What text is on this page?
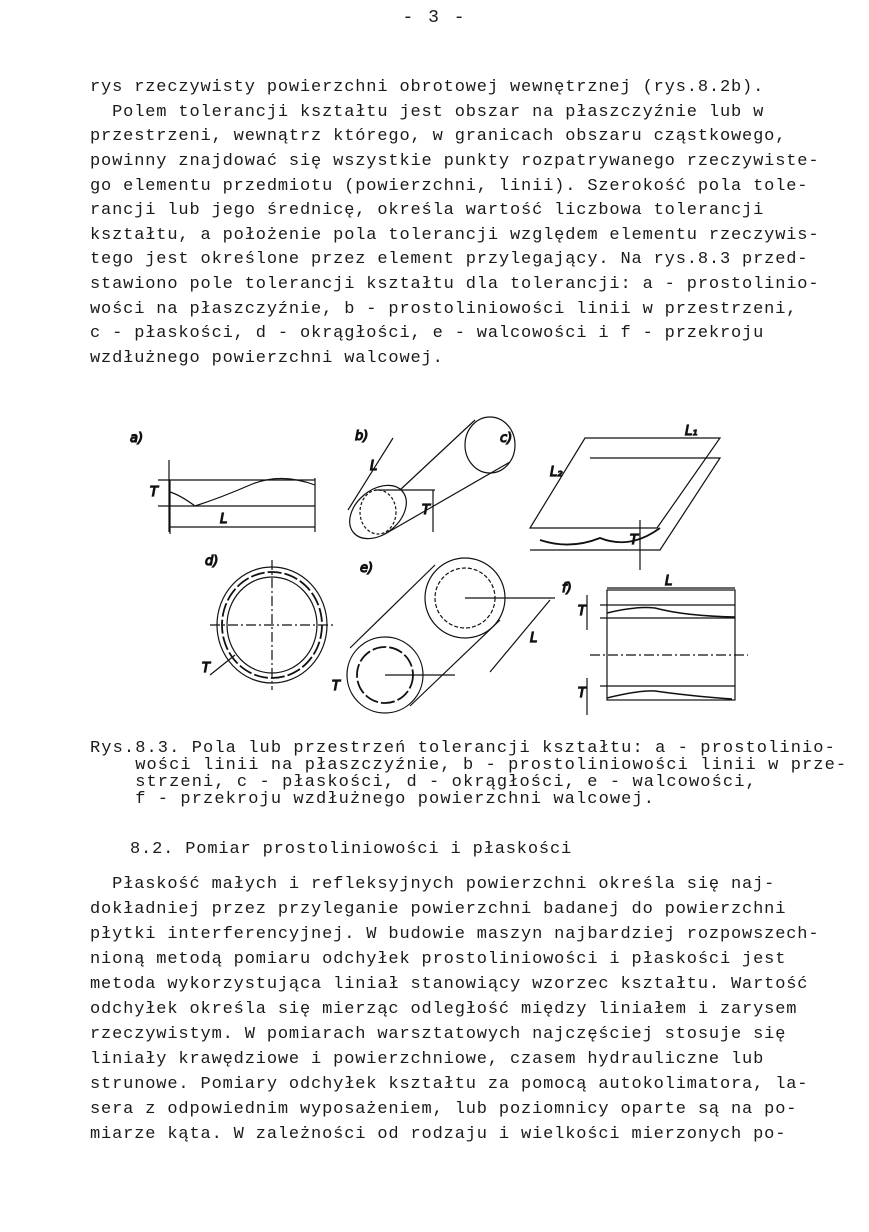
- 3 -
rys rzeczywisty powierzchni obrotowej wewnętrznej (rys.8.2b).
Polem tolerancji kształtu jest obszar na płaszczyźnie lub w
przestrzeni, wewnątrz którego, w granicach obszaru cząstkowego,
powinny znajdować się wszystkie punkty rozpatrywanego rzeczywiste-
go elementu przedmiotu (powierzchni, linii). Szerokość pola tole-
rancji lub jego średnicę, określa wartość liczbowa tolerancji
kształtu, a położenie pola tolerancji względem elementu rzeczywis-
tego jest określone przez element przylegający. Na rys.8.3 przed-
stawiono pole tolerancji kształtu dla tolerancji: a - prostolinio-
wości na płaszczyźnie, b - prostoliniowości linii w przestrzeni,
c - płaskości, d - okrągłości, e - walcowości i f - przekroju
wzdłużnego powierzchni walcowej.
a)
L
T
b)
L
T
c)	L₁
L₂
T
d)
T
e)
L
T
f)	L
T
T
Rys.8.3. Pola lub przestrzeń tolerancji kształtu: a - prostolinio-
wości linii na płaszczyźnie, b - prostoliniowości linii w prze-
strzeni, c - płaskości, d - okrągłości, e - walcowości,
f - przekroju wzdłużnego powierzchni walcowej.
8.2. Pomiar prostoliniowości i płaskości
Płaskość małych i refleksyjnych powierzchni określa się naj-
dokładniej przez przyleganie powierzchni badanej do powierzchni
płytki interferencyjnej. W budowie maszyn najbardziej rozpowszech-
nioną metodą pomiaru odchyłek prostoliniowości i płaskości jest
metoda wykorzystująca liniał stanowiący wzorzec kształtu. Wartość
odchyłek określa się mierząc odległość między liniałem i zarysem
rzeczywistym. W pomiarach warsztatowych najczęściej stosuje się
liniały krawędziowe i powierzchniowe, czasem hydrauliczne lub
strunowe. Pomiary odchyłek kształtu za pomocą autokolimatora, la-
sera z odpowiednim wyposażeniem, lub poziomnicy oparte są na po-
miarze kąta. W zależności od rodzaju i wielkości mierzonych po-
